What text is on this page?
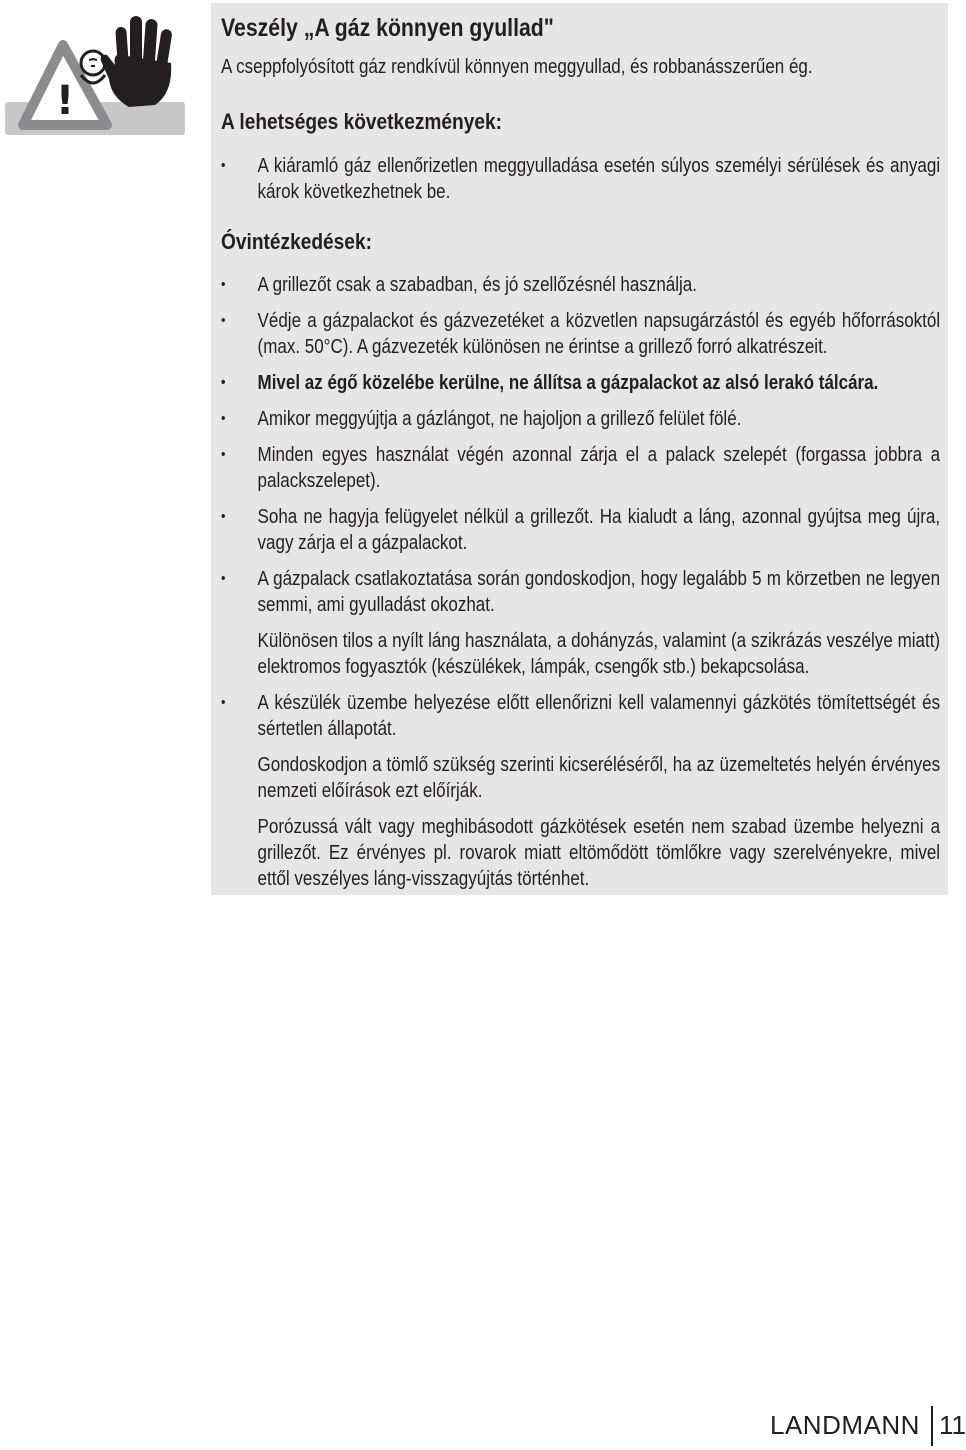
!
Veszély „A gáz könnyen gyullad"

A cseppfolyósított gáz rendkívül könnyen meggyullad, és robbanásszerűen ég.

A lehetséges következmények:
•	A kiáramló gáz ellenőrizetlen meggyulladása esetén súlyos személyi sérülések és anyagi károk következhetnek be.

Óvintézkedések:
•	A grillezőt csak a szabadban, és jó szellőzésnél használja.

•	Védje a gázpalackot és gázvezetéket a közvetlen napsugárzástól és egyéb hőforrásoktól (max. 50°C). A gázvezeték különösen ne érintse a grillező forró alkatrészeit.

•	Mivel az égő közelébe kerülne, ne állítsa a gázpalackot az alsó lerakó tálcára.

•	Amikor meggyújtja a gázlángot, ne hajoljon a grillező felület fölé.

•	Minden egyes használat végén azonnal zárja el a palack szelepét (forgassa jobbra a palackszelepet).

•	Soha ne hagyja felügyelet nélkül a grillezőt. Ha kialudt a láng, azonnal gyújtsa meg újra, vagy zárja el a gázpalackot.

•	A gázpalack csatlakoztatása során gondoskodjon, hogy legalább 5 m körzetben ne legyen semmi, ami gyulladást okozhat.

Különösen tilos a nyílt láng használata, a dohányzás, valamint (a szikrázás veszélye miatt) elektromos fogyasztók (készülékek, lámpák, csengők stb.) bekapcsolása.

•	A készülék üzembe helyezése előtt ellenőrizni kell valamennyi gázkötés tömítettségét és sértetlen állapotát.

Gondoskodjon a tömlő szükség szerinti kicseréléséről, ha az üzemeltetés helyén érvényes nemzeti előírások ezt előírják.

Porózussá vált vagy meghibásodott gázkötések esetén nem szabad üzembe helyezni a grillezőt. Ez érvényes pl. rovarok miatt eltömődött tömlőkre vagy szerelvényekre, mivel ettől veszélyes láng-visszagyújtás történhet.

LANDMANN 11
